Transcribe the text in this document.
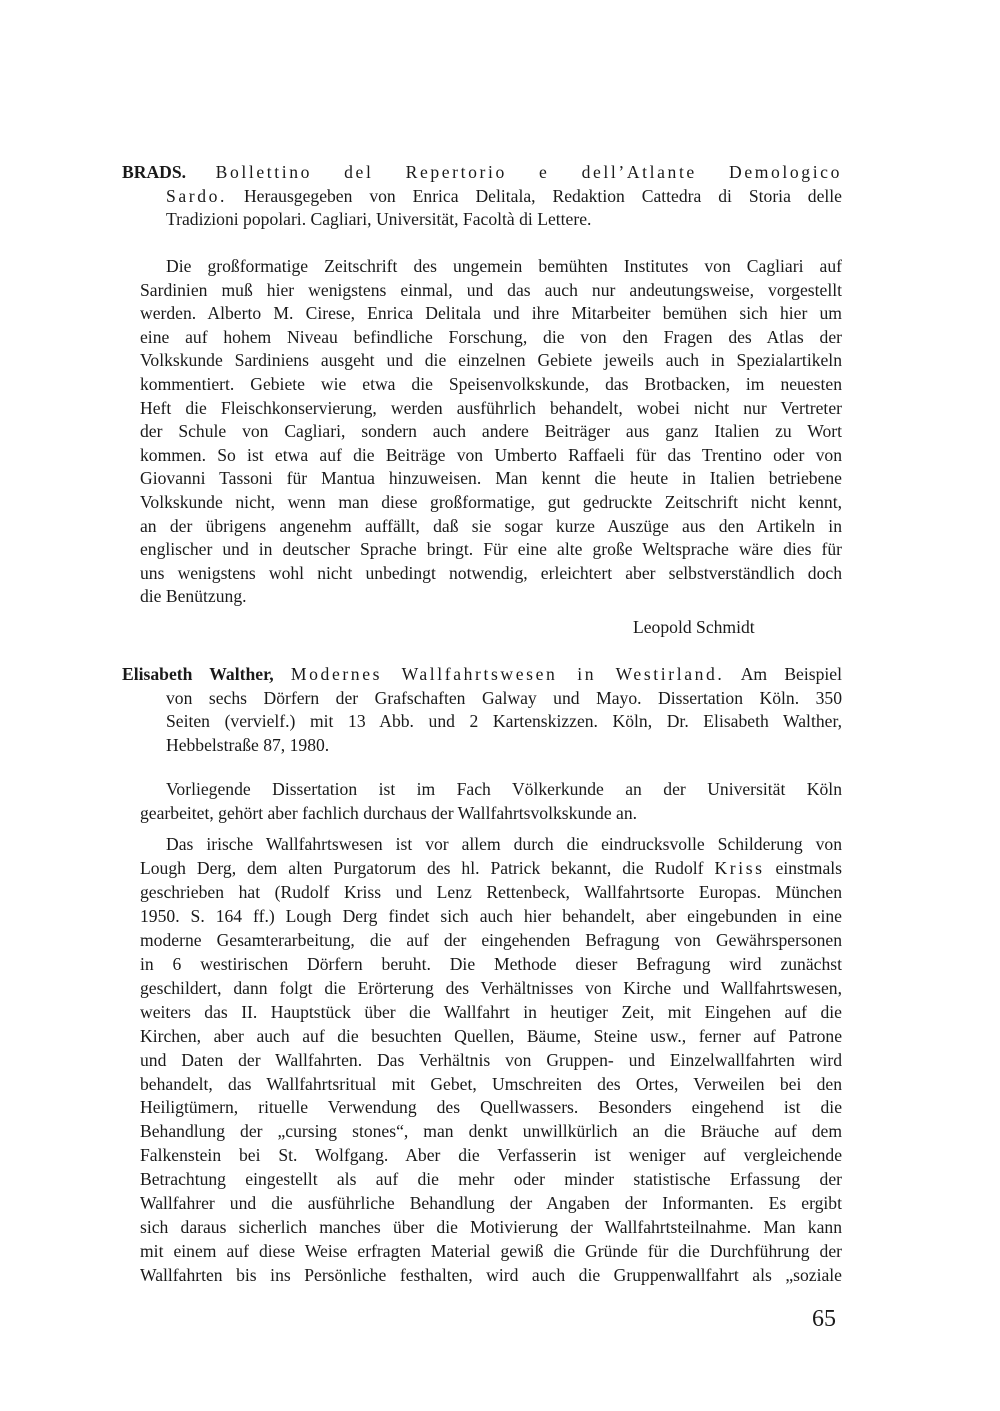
BRADS. Bollettino del Repertorio e dell’Atlante Demologico
Sardo. Herausgegeben von Enrica Delitala, Redaktion Cattedra di Storia delle
Tradizioni popolari. Cagliari, Universität, Facoltà di Lettere.
Die großformatige Zeitschrift des ungemein bemühten Institutes von Cagliari auf
Sardinien muß hier wenigstens einmal, und das auch nur andeutungsweise, vorgestellt
werden. Alberto M. Cirese, Enrica Delitala und ihre Mitarbeiter bemühen sich hier um
eine auf hohem Niveau befindliche Forschung, die von den Fragen des Atlas der
Volkskunde Sardiniens ausgeht und die einzelnen Gebiete jeweils auch in Spezialartikeln
kommentiert. Gebiete wie etwa die Speisenvolkskunde, das Brotbacken, im neuesten
Heft die Fleischkonservierung, werden ausführlich behandelt, wobei nicht nur Vertreter
der Schule von Cagliari, sondern auch andere Beiträger aus ganz Italien zu Wort
kommen. So ist etwa auf die Beiträge von Umberto Raffaeli für das Trentino oder von
Giovanni Tassoni für Mantua hinzuweisen. Man kennt die heute in Italien betriebene
Volkskunde nicht, wenn man diese großformatige, gut gedruckte Zeitschrift nicht kennt,
an der übrigens angenehm auffällt, daß sie sogar kurze Auszüge aus den Artikeln in
englischer und in deutscher Sprache bringt. Für eine alte große Weltsprache wäre dies für
uns wenigstens wohl nicht unbedingt notwendig, erleichtert aber selbstverständlich doch
die Benützung.
Elisabeth Walther, Modernes Wallfahrtswesen in Westirland. Am Beispiel
von sechs Dörfern der Grafschaften Galway und Mayo. Dissertation Köln. 350
Seiten (vervielf.) mit 13 Abb. und 2 Kartenskizzen. Köln, Dr. Elisabeth Walther,
Hebbelstraße 87, 1980.
Vorliegende Dissertation ist im Fach Völkerkunde an der Universität Köln
gearbeitet, gehört aber fachlich durchaus der Wallfahrtsvolkskunde an.
Das irische Wallfahrtswesen ist vor allem durch die eindrucksvolle Schilderung von
Lough Derg, dem alten Purgatorum des hl. Patrick bekannt, die Rudolf Kriss einstmals
geschrieben hat (Rudolf Kriss und Lenz Rettenbeck, Wallfahrtsorte Europas. München
1950. S. 164 ff.) Lough Derg findet sich auch hier behandelt, aber eingebunden in eine
moderne Gesamterarbeitung, die auf der eingehenden Befragung von Gewährspersonen
in 6 westirischen Dörfern beruht. Die Methode dieser Befragung wird zunächst
geschildert, dann folgt die Erörterung des Verhältnisses von Kirche und Wallfahrtswesen,
weiters das II. Hauptstück über die Wallfahrt in heutiger Zeit, mit Eingehen auf die
Kirchen, aber auch auf die besuchten Quellen, Bäume, Steine usw., ferner auf Patrone
und Daten der Wallfahrten. Das Verhältnis von Gruppen- und Einzelwallfahrten wird
behandelt, das Wallfahrtsritual mit Gebet, Umschreiten des Ortes, Verweilen bei den
Heiligtümern, rituelle Verwendung des Quellwassers. Besonders eingehend ist die
Behandlung der „cursing stones“, man denkt unwillkürlich an die Bräuche auf dem
Falkenstein bei St. Wolfgang. Aber die Verfasserin ist weniger auf vergleichende
Betrachtung eingestellt als auf die mehr oder minder statistische Erfassung der
Wallfahrer und die ausführliche Behandlung der Angaben der Informanten. Es ergibt
sich daraus sicherlich manches über die Motivierung der Wallfahrtsteilnahme. Man kann
mit einem auf diese Weise erfragten Material gewiß die Gründe für die Durchführung der
Wallfahrten bis ins Persönliche festhalten, wird auch die Gruppenwallfahrt als „soziale
Leopold Schmidt
65
